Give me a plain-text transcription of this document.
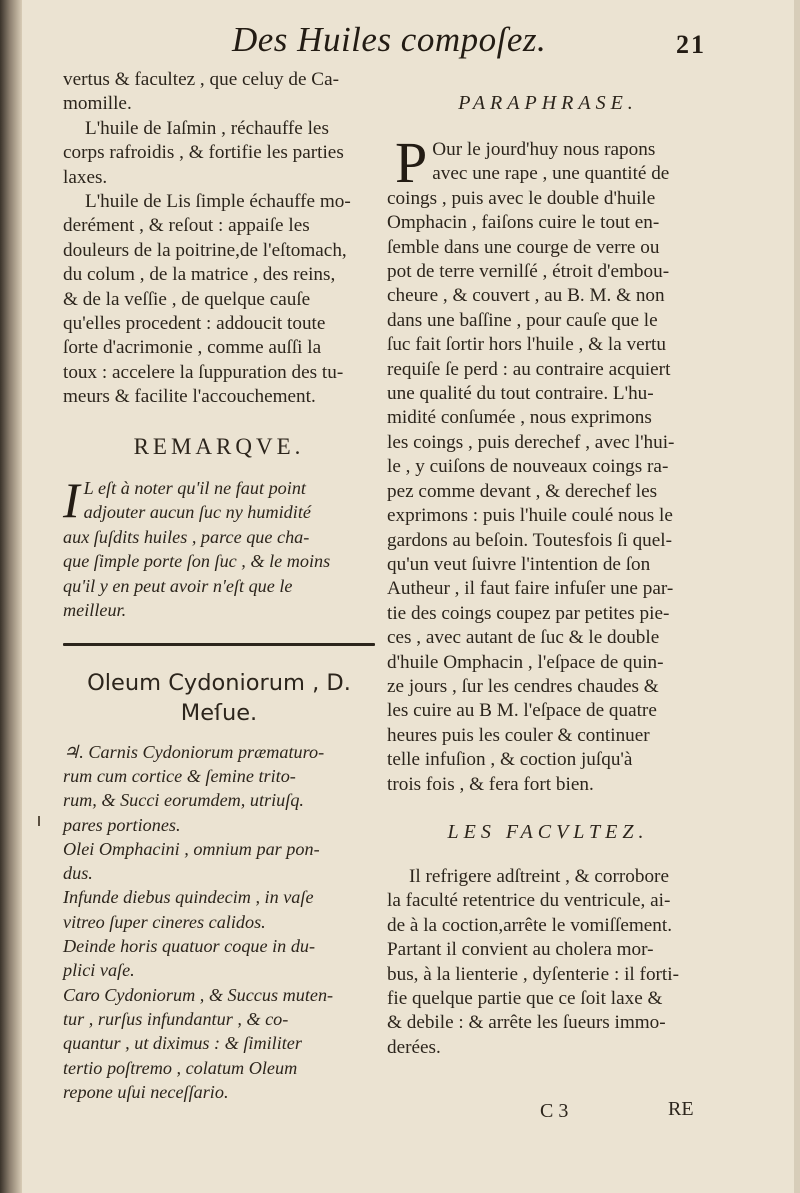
Des Huiles compoſez.	21
vertus & facultez , que celuy de Ca-
momille.
L'huile de Iaſmin , réchauffe les
corps rafroidis , & fortifie les parties
laxes.
L'huile de Lis ſimple échauffe mo-
derément , & reſout : appaiſe les
douleurs de la poitrine,de l'eſtomach,
du colum , de la matrice , des reins,
& de la veſſie , de quelque cauſe
qu'elles procedent : addoucit toute
ſorte d'acrimonie , comme auſſi la
toux : accelere la ſuppuration des tu-
meurs & facilite l'accouchement.
REMARQVE.
I L eſt à noter qu'il ne faut point
adjouter aucun ſuc ny humidité
aux ſuſdits huiles , parce que cha-
que ſimple porte ſon ſuc , & le moins
qu'il y en peut avoir n'eſt que le
meilleur.
Oleum Cydoniorum , D.
Meſue.
♃. Carnis Cydoniorum præmaturo-
rum cum cortice & ſemine trito-
rum, & Succi eorumdem, utriuſq.
pares portiones.
Olei Omphacini , omnium par pon-
dus.
Infunde diebus quindecim , in vaſe
vitreo ſuper cineres calidos.
Deinde horis quatuor coque in du-
plici vaſe.
Caro Cydoniorum , & Succus muten-
tur , rurſus infundantur , & co-
quantur , ut diximus : & ſimiliter
tertio poſtremo , colatum Oleum
repone uſui neceſſario.
PARAPHRASE.
P Our le jourd'huy nous rapons
avec une rape , une quantité de
coings , puis avec le double d'huile
Omphacin , faiſons cuire le tout en-
ſemble dans une courge de verre ou
pot de terre vernilſé , étroit d'embou-
cheure , & couvert , au B. M. & non
dans une baſſine , pour cauſe que le
ſuc fait ſortir hors l'huile , & la vertu
requiſe ſe perd : au contraire acquiert
une qualité du tout contraire. L'hu-
midité conſumée , nous exprimons
les coings , puis derechef , avec l'hui-
le , y cuiſons de nouveaux coings ra-
pez comme devant , & derechef les
exprimons : puis l'huile coulé nous le
gardons au beſoin. Toutesfois ſi quel-
qu'un veut ſuivre l'intention de ſon
Autheur , il faut faire infuſer une par-
tie des coings coupez par petites pie-
ces , avec autant de ſuc & le double
d'huile Omphacin , l'eſpace de quin-
ze jours , ſur les cendres chaudes &
les cuire au B M. l'eſpace de quatre
heures puis les couler & continuer
telle infuſion , & coction juſqu'à
trois fois , & fera fort bien.
LES FACVLTEZ.
Il refrigere adſtreint , & corrobore
la faculté retentrice du ventricule, ai-
de à la coction,arrête le vomiſſement.
Partant il convient au cholera mor-
bus, à la lienterie , dyſenterie : il forti-
fie quelque partie que ce ſoit laxe &
& debile : & arrête les ſueurs immo-
derées.
C 3	RE
